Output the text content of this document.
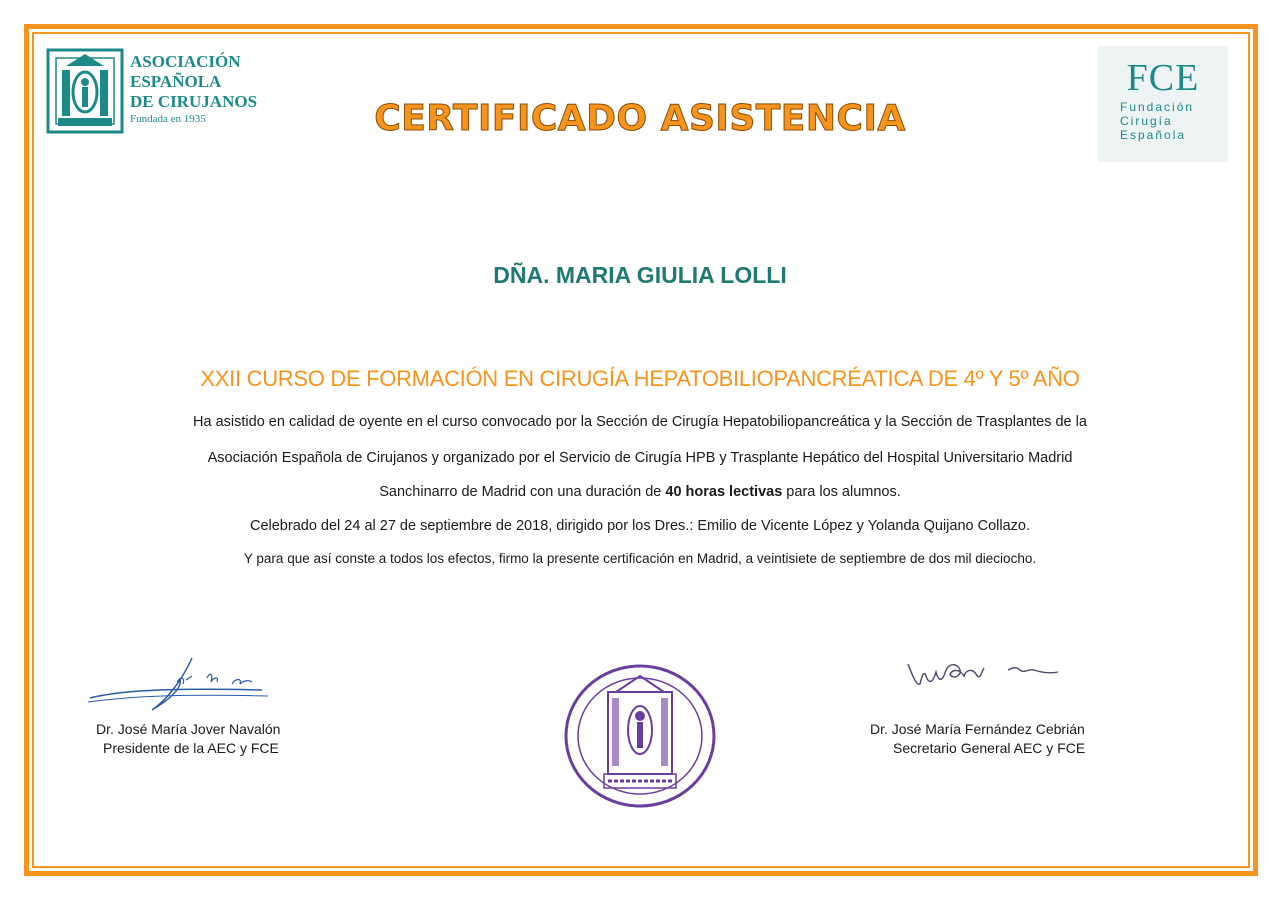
ASOCIACIÓN
ESPAÑOLA
DE CIRUJANOS
Fundada en 1935
FCE
Fundación
Cirugía
Española
CERTIFICADO ASISTENCIA
DÑA. MARIA GIULIA LOLLI
XXII CURSO DE FORMACIÓN EN CIRUGÍA HEPATOBILIOPANCRÉATICA DE 4º Y 5º AÑO
Ha asistido en calidad de oyente en el curso convocado por la Sección de Cirugía Hepatobiliopancreática y la Sección de Trasplantes de la
Asociación Española de Cirujanos y organizado por el Servicio de Cirugía HPB y Trasplante Hepático del Hospital Universitario Madrid
Sanchinarro de Madrid con una duración de 40 horas lectivas para los alumnos.
Celebrado del 24 al 27 de septiembre de 2018, dirigido por los Dres.: Emilio de Vicente López y Yolanda Quijano Collazo.
Y para que así conste a todos los efectos, firmo la presente certificación en Madrid, a veintisiete de septiembre de dos mil dieciocho.
Dr. José María Jover Navalón
Presidente de la AEC y FCE
Dr. José María Fernández Cebrián
Secretario General AEC y FCE
